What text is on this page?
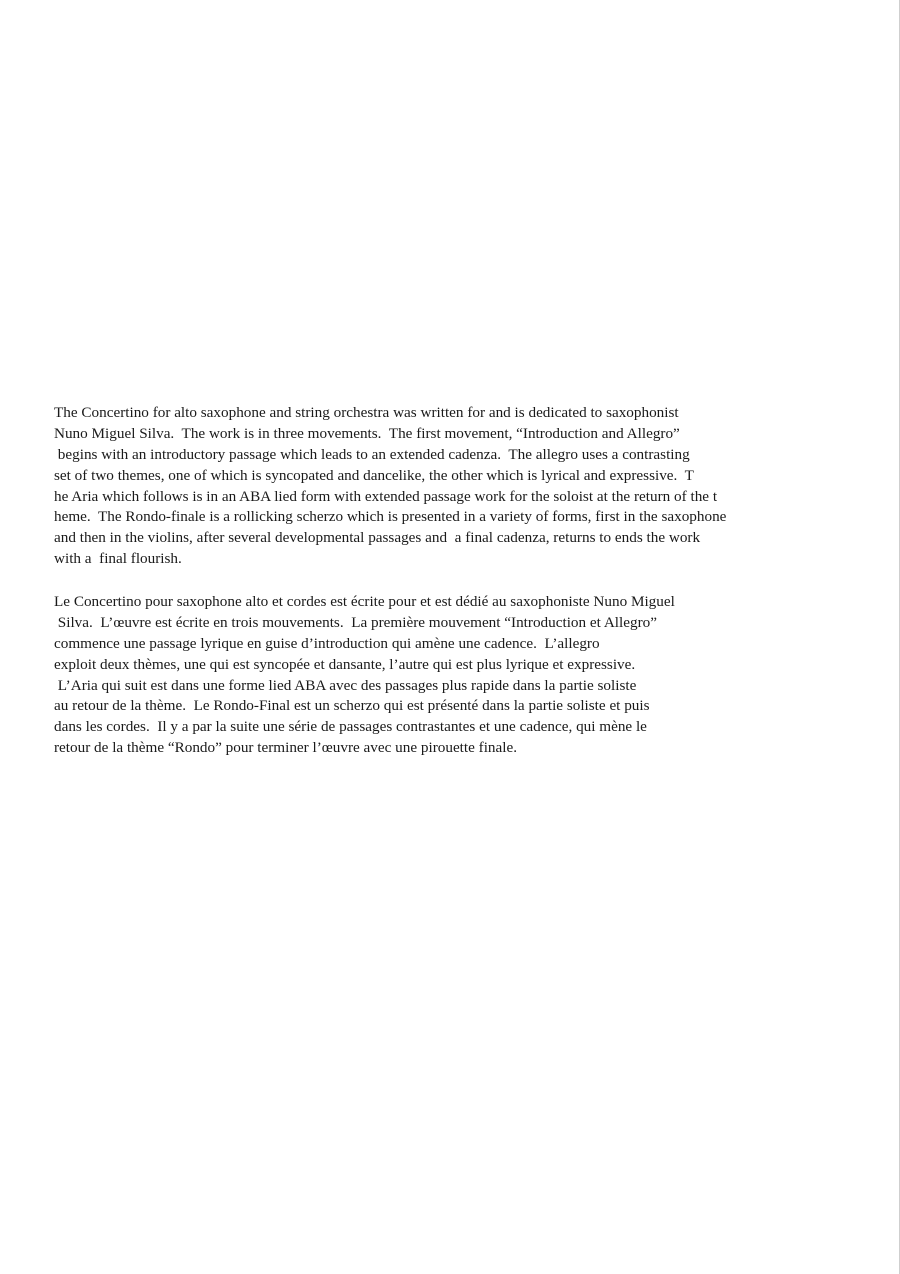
The Concertino for alto saxophone and string orchestra was written for and is dedicated to saxophonist
Nuno Miguel Silva.  The work is in three movements.  The first movement, “Introduction and Allegro”
begins with an introductory passage which leads to an extended cadenza.  The allegro uses a contrasting
set of two themes, one of which is syncopated and dancelike, the other which is lyrical and expressive.  T
he Aria which follows is in an ABA lied form with extended passage work for the soloist at the return of the t
heme.  The Rondo-finale is a rollicking scherzo which is presented in a variety of forms, first in the saxophone
and then in the violins, after several developmental passages and  a final cadenza, returns to ends the work
with a  final flourish.
Le Concertino pour saxophone alto et cordes est écrite pour et est dédié au saxophoniste Nuno Miguel
Silva.  L’œuvre est écrite en trois mouvements.  La première mouvement “Introduction et Allegro”
commence une passage lyrique en guise d’introduction qui amène une cadence.  L’allegro
exploit deux thèmes, une qui est syncopée et dansante, l’autre qui est plus lyrique et expressive.
L’Aria qui suit est dans une forme lied ABA avec des passages plus rapide dans la partie soliste
au retour de la thème.  Le Rondo-Final est un scherzo qui est présenté dans la partie soliste et puis
dans les cordes.  Il y a par la suite une série de passages contrastantes et une cadence, qui mène le
retour de la thème “Rondo” pour terminer l’œuvre avec une pirouette finale.
